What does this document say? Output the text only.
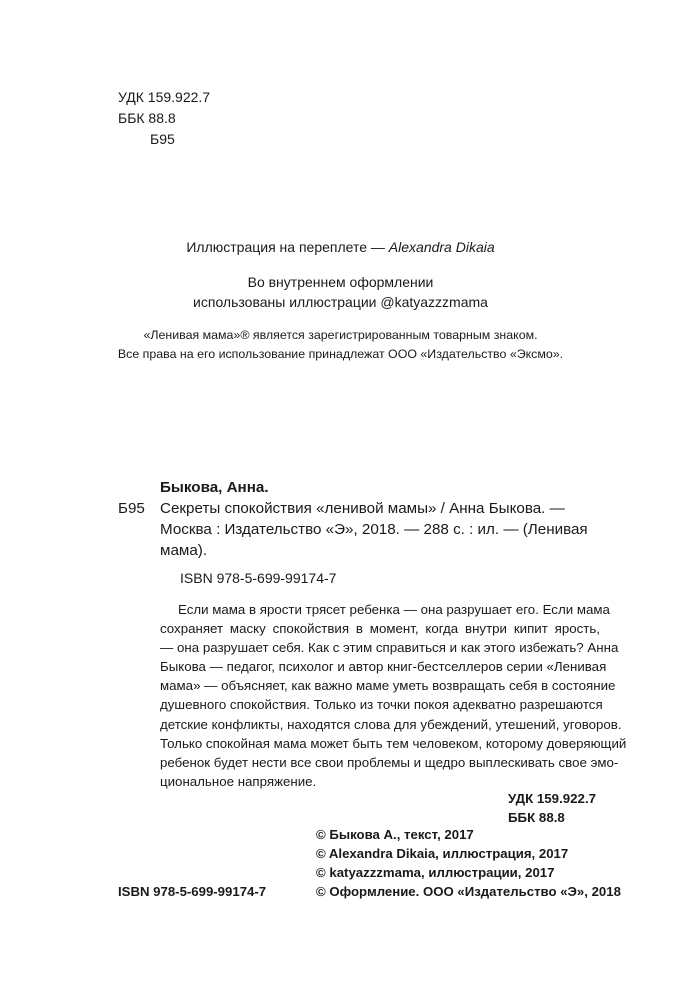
УДК 159.922.7
ББК 88.8
Б95
Иллюстрация на переплете — Alexandra Dikaia
Во внутреннем оформлении
использованы иллюстрации @katyazzzmama
«Ленивая мама»® является зарегистрированным товарным знаком.
Все права на его использование принадлежат ООО «Издательство «Эксмо».
Быкова, Анна.
Б95 Секреты спокойствия «ленивой мамы» / Анна Быкова. —
Москва : Издательство «Э», 2018. — 288 с. : ил. — (Ленивая
мама).
ISBN 978-5-699-99174-7
Если мама в ярости трясет ребенка — она разрушает его. Если мама
сохраняет маску спокойствия в момент, когда внутри кипит ярость,
— она разрушает себя. Как с этим справиться и как этого избежать? Анна
Быкова — педагог, психолог и автор книг-бестселлеров серии «Ленивая
мама» — объясняет, как важно маме уметь возвращать себя в состояние
душевного спокойствия. Только из точки покоя адекватно разрешаются
детские конфликты, находятся слова для убеждений, утешений, уговоров.
Только спокойная мама может быть тем человеком, которому доверяющий
ребенок будет нести все свои проблемы и щедро выплескивать свое эмо-
циональное напряжение.
УДК 159.922.7
ББК 88.8
© Быкова А., текст, 2017
© Alexandra Dikaia, иллюстрация, 2017
© katyazzzmama, иллюстрации, 2017
© Оформление. ООО «Издательство «Э», 2018
ISBN 978-5-699-99174-7
